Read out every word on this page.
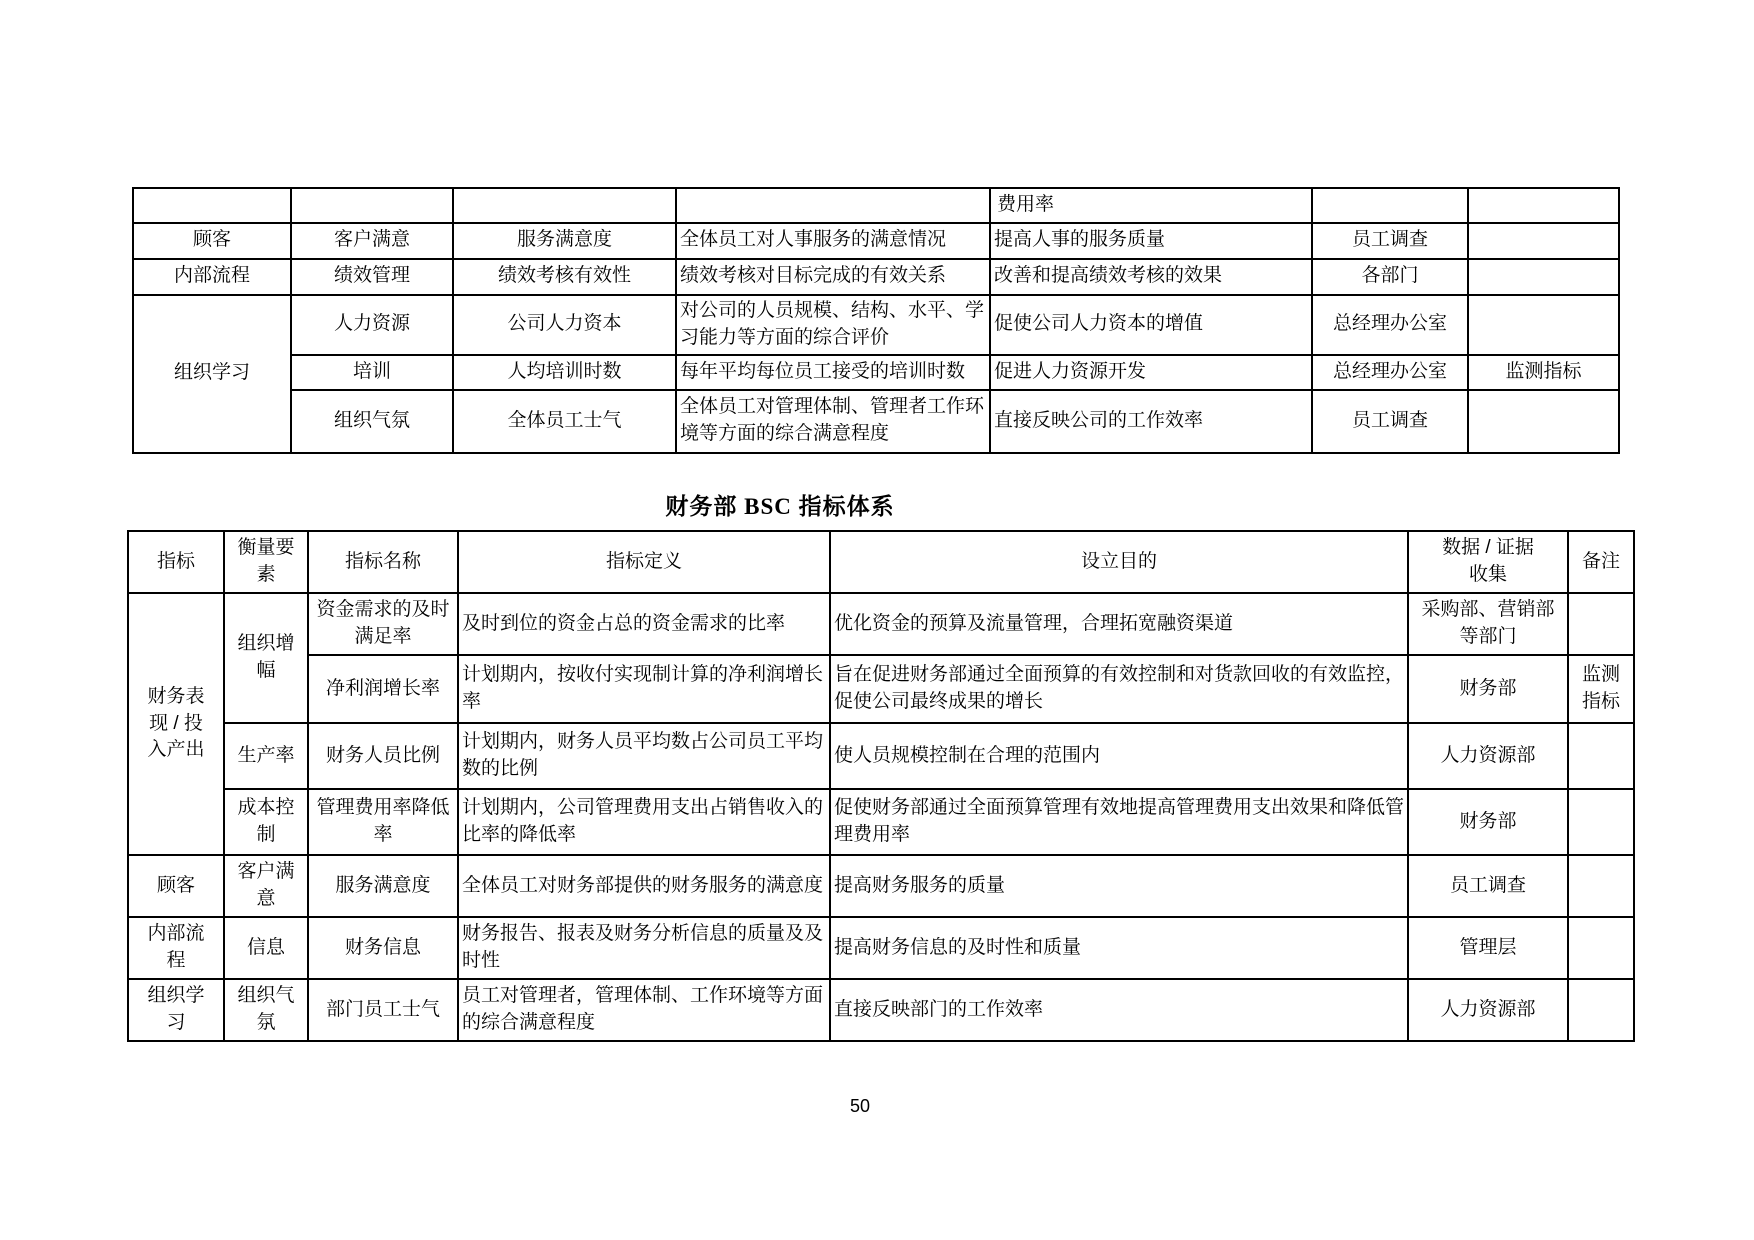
				费用率		
顾客	客户满意	服务满意度	全体员工对人事服务的满意情况	提高人事的服务质量	员工调查	
内部流程	绩效管理	绩效考核有效性	绩效考核对目标完成的有效关系	改善和提高绩效考核的效果	各部门	
组织学习	人力资源	公司人力资本	对公司的人员规模、结构、水平、学习能力等方面的综合评价	促使公司人力资本的增值	总经理办公室	
	培训	人均培训时数	每年平均每位员工接受的培训时数	促进人力资源开发	总经理办公室	监测指标
	组织气氛	全体员工士气	全体员工对管理体制、管理者工作环境等方面的综合满意程度	直接反映公司的工作效率	员工调查	
财务部 BSC 指标体系
指标	衡量要素	指标名称	指标定义	设立目的	数据 / 证据收集	备注
财务表现 / 投入产出	组织增幅	资金需求的及时满足率	及时到位的资金占总的资金需求的比率	优化资金的预算及流量管理，合理拓宽融资渠道	采购部、营销部等部门	
		净利润增长率	计划期内，按收付实现制计算的净利润增长率	旨在促进财务部通过全面预算的有效控制和对货款回收的有效监控，促使公司最终成果的增长	财务部	监测指标
	生产率	财务人员比例	计划期内，财务人员平均数占公司员工平均数的比例	使人员规模控制在合理的范围内	人力资源部	
	成本控制	管理费用率降低率	计划期内，公司管理费用支出占销售收入的比率的降低率	促使财务部通过全面预算管理有效地提高管理费用支出效果和降低管理费用率	财务部	
顾客	客户满意	服务满意度	全体员工对财务部提供的财务服务的满意度	提高财务服务的质量	员工调查	
内部流程	信息	财务信息	财务报告、报表及财务分析信息的质量及及时性	提高财务信息的及时性和质量	管理层	
组织学习	组织气氛	部门员工士气	员工对管理者，管理体制、工作环境等方面的综合满意程度	直接反映部门的工作效率	人力资源部	
50
